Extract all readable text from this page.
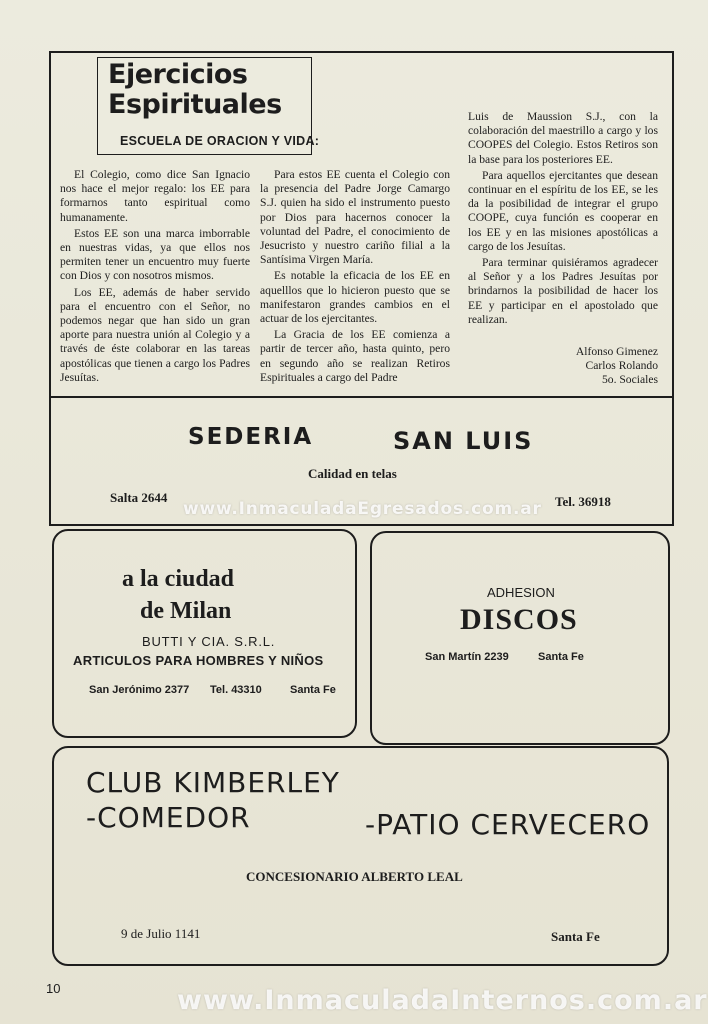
Ejercicios
Espirituales
ESCUELA DE ORACION Y VIDA:

El Colegio, como dice San Ignacio nos hace el mejor regalo: los EE para formarnos tanto espiritual como humanamente.

Estos EE son una marca imborrable en nuestras vidas, ya que ellos nos permiten tener un encuentro muy fuerte con Dios y con nosotros mismos.

Los EE, además de haber servido para el encuentro con el Señor, no podemos negar que han sido un gran aporte para nuestra unión al Colegio y a través de éste colaborar en las tareas apostólicas que tienen a cargo los Padres Jesuítas.

Para estos EE cuenta el Colegio con la presencia del Padre Jorge Camargo S.J. quien ha sido el instrumento puesto por Dios para hacernos conocer la voluntad del Padre, el conocimiento de Jesucristo y nuestro cariño filial a la Santísima Virgen María.

Es notable la eficacia de los EE en aquelllos que lo hicieron puesto que se manifestaron grandes cambios en el actuar de los ejercitantes.

La Gracia de los EE comienza a partir de tercer año, hasta quinto, pero en segundo año se realizan Retiros Espirituales a cargo del Padre

Luis de Maussion S.J., con la colaboración del maestrillo a cargo y los COOPES del Colegio. Estos Retiros son la base para los posteriores EE.

Para aquellos ejercitantes que desean continuar en el espíritu de los EE, se les da la posibilidad de integrar el grupo COOPE, cuya función es cooperar en los EE y en las misiones apostólicas a cargo de los Jesuítas.

Para terminar quisiéramos agradecer al Señor y a los Padres Jesuítas por brindarnos la posibilidad de hacer los EE y participar en el apostolado que realizan.

Alfonso Gimenez
Carlos Rolando
5o. Sociales
SEDERIA	SAN LUIS
Calidad en telas
Salta 2644	Tel. 36918
www.InmaculadaEgresados.com.ar
a la ciudad
de Milan
BUTTI Y CIA. S.R.L.
ARTICULOS PARA HOMBRES Y NIÑOS
San Jerónimo 2377 Tel. 43310	Santa Fe
ADHESION
DISCOS
San Martín 2239	Santa Fe
CLUB KIMBERLEY
-COMEDOR	-PATIO CERVECERO
CONCESIONARIO ALBERTO LEAL
9 de Julio 1141	Santa Fe
10	www.InmaculadaInternos.com.ar
